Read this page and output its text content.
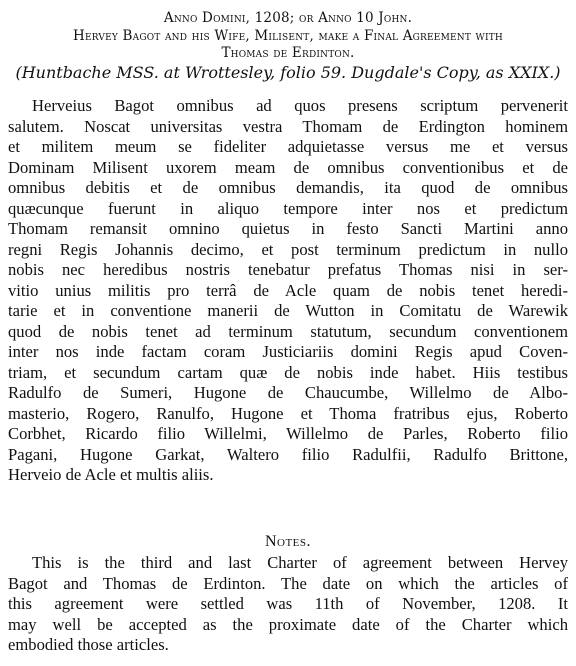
Anno Domini, 1208; or Anno 10 John.
Hervey Bagot and his Wife, Milisent, make a Final Agreement with
Thomas de Erdinton.
(Huntbache MSS. at Wrottesley, folio 59. Dugdale's Copy, as XXIX.)
Herveius Bagot omnibus ad quos presens scriptum pervenerit
salutem. Noscat universitas vestra Thomam de Erdington hominem
et militem meum se fideliter adquietasse versus me et versus
Dominam Milisent uxorem meam de omnibus conventionibus et de
omnibus debitis et de omnibus demandis, ita quod de omnibus
quæcunque fuerunt in aliquo tempore inter nos et predictum
Thomam remansit omnino quietus in festo Sancti Martini anno
regni Regis Johannis decimo, et post terminum predictum in nullo
nobis nec heredibus nostris tenebatur prefatus Thomas nisi in ser-
vitio unius militis pro terrâ de Acle quam de nobis tenet heredi-
tarie et in conventione manerii de Wutton in Comitatu de Warewik
quod de nobis tenet ad terminum statutum, secundum conventionem
inter nos inde factam coram Justiciariis domini Regis apud Coven-
triam, et secundum cartam quæ de nobis inde habet. Hiis testibus
Radulfo de Sumeri, Hugone de Chaucumbe, Willelmo de Albo-
masterio, Rogero, Ranulfo, Hugone et Thoma fratribus ejus, Roberto
Corbhet, Ricardo filio Willelmi, Willelmo de Parles, Roberto filio
Pagani, Hugone Garkat, Waltero filio Radulfii, Radulfo Brittone,
Herveio de Acle et multis aliis.
Notes.
This is the third and last Charter of agreement between Hervey
Bagot and Thomas de Erdinton. The date on which the articles of
this agreement were settled was 11th of November, 1208. It
may well be accepted as the proximate date of the Charter which
embodied those articles.
